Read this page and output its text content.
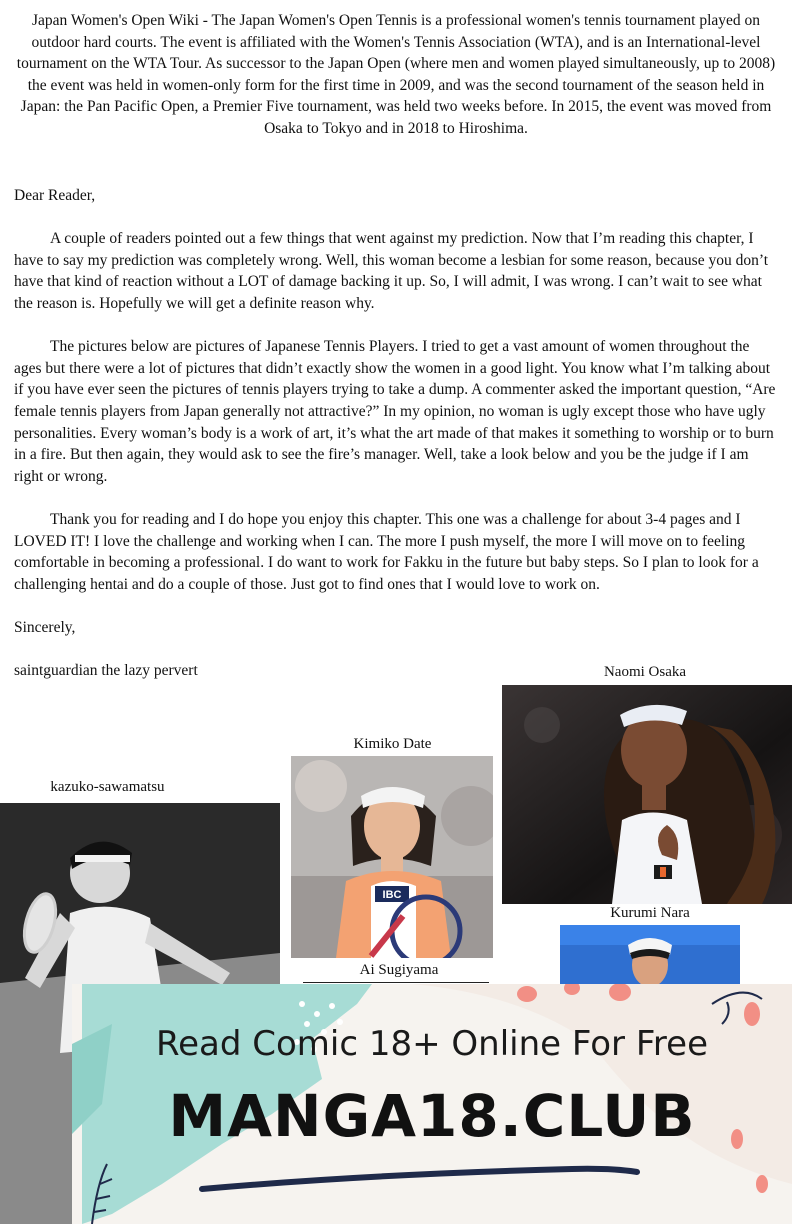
Japan Women's Open Wiki - The Japan Women's Open Tennis is a professional women's tennis tournament played on outdoor hard courts. The event is affiliated with the Women's Tennis Association (WTA), and is an International-level tournament on the WTA Tour. As successor to the Japan Open (where men and women played simultaneously, up to 2008) the event was held in women-only form for the first time in 2009, and was the second tournament of the season held in Japan: the Pan Pacific Open, a Premier Five tournament, was held two weeks before. In 2015, the event was moved from Osaka to Tokyo and in 2018 to Hiroshima.

Dear Reader,

A couple of readers pointed out a few things that went against my prediction. Now that I’m reading this chapter, I have to say my prediction was completely wrong. Well, this woman become a lesbian for some reason, because you don’t have that kind of reaction without a LOT of damage backing it up. So, I will admit, I was wrong. I can’t wait to see what the reason is. Hopefully we will get a definite reason why.

The pictures below are pictures of Japanese Tennis Players. I tried to get a vast amount of women throughout the ages but there were a lot of pictures that didn’t exactly show the women in a good light. You know what I’m talking about if you have ever seen the pictures of tennis players trying to take a dump. A commenter asked the important question, “Are female tennis players from Japan generally not attractive?” In my opinion, no woman is ugly except those who have ugly personalities. Every woman’s body is a work of art, it’s what the art made of that makes it something to worship or to burn in a fire. But then again, they would ask to see the fire’s manager. Well, take a look below and you be the judge if I am right or wrong.

Thank you for reading and I do hope you enjoy this chapter. This one was a challenge for about 3-4 pages and I LOVED IT! I love the challenge and working when I can. The more I push myself, the more I will move on to feeling comfortable in becoming a professional. I do want to work for Fakku in the future but baby steps. So I plan to look for a challenging hentai and do a couple of those. Just got to find ones that I would love to work on.

Sincerely,

saintguardian the lazy pervert	Naomi Osaka
Kimiko Date
IBC
kazuko-sawamatsu
Kurumi Nara
Ai Sugiyama
Read Comic 18+ Online For Free
MANGA18.CLUB
